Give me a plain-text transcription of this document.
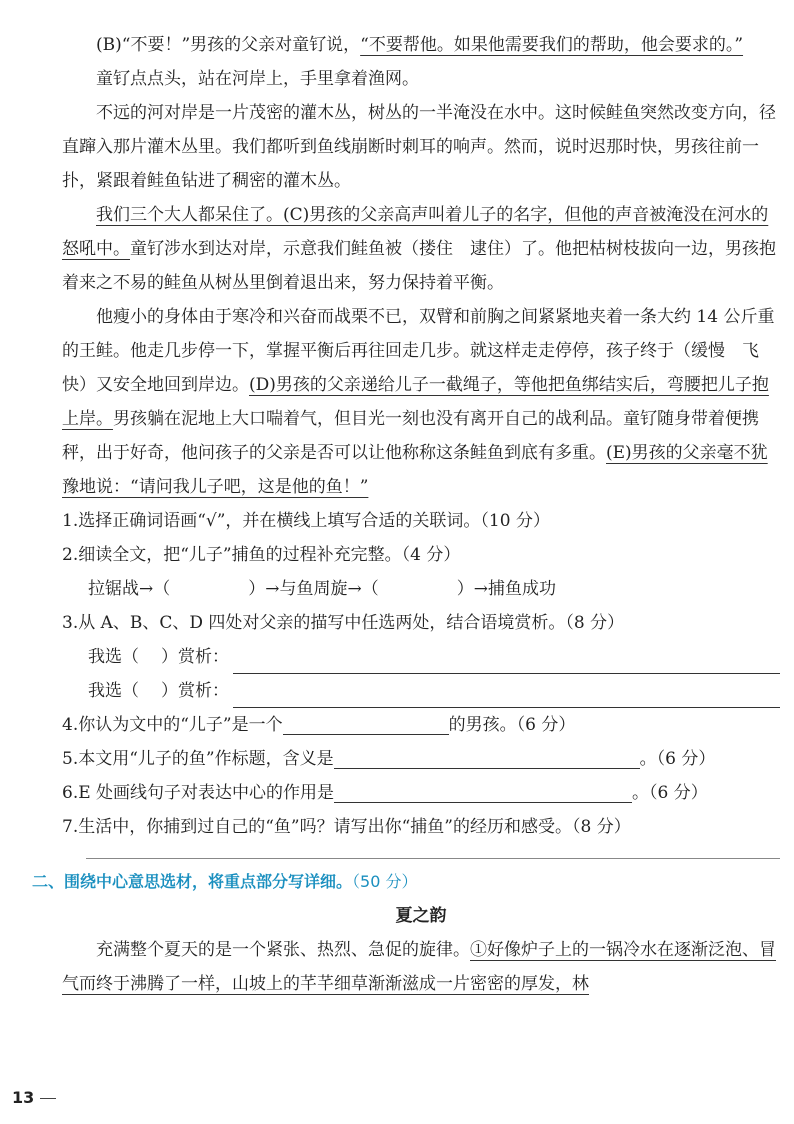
(B)“不要！”男孩的父亲对童钌说，“不要帮他。如果他需要我们的帮助，他会要求的。”

童钌点点头，站在河岸上，手里拿着渔网。

不远的河对岸是一片茂密的灌木丛，树丛的一半淹没在水中。这时候鲑鱼突然改变方向，径直蹿入那片灌木丛里。我们都听到鱼线崩断时刺耳的响声。然而，说时迟那时快，男孩往前一扑，紧跟着鲑鱼钻进了稠密的灌木丛。

我们三个大人都呆住了。(C)男孩的父亲高声叫着儿子的名字，但他的声音被淹没在河水的怒吼中。童钌涉水到达对岸，示意我们鲑鱼被（搂住　逮住）了。他把枯树枝拔向一边，男孩抱着来之不易的鲑鱼从树丛里倒着退出来，努力保持着平衡。

他瘦小的身体由于寒冷和兴奋而战栗不已，双臂和前胸之间紧紧地夹着一条大约 14 公斤重的王鲑。他走几步停一下，掌握平衡后再往回走几步。就这样走走停停，孩子终于（缓慢　飞快）又安全地回到岸边。(D)男孩的父亲递给儿子一截绳子，等他把鱼绑结实后，弯腰把儿子抱上岸。男孩躺在泥地上大口喘着气，但目光一刻也没有离开自己的战利品。童钌随身带着便携秤，出于好奇，他问孩子的父亲是否可以让他称称这条鲑鱼到底有多重。(E)男孩的父亲毫不犹豫地说：“请问我儿子吧，这是他的鱼！”

1.选择正确词语画“√”，并在横线上填写合适的关联词。（10 分）

2.细读全文，把“儿子”捕鱼的过程补充完整。（4 分）

拉锯战→（	）→与鱼周旋→（	）→捕鱼成功

3.从 A、B、C、D 四处对父亲的描写中任选两处，结合语境赏析。（8 分）

我选（ ）赏析：
我选（ ）赏析：

4.你认为文中的“儿子”是一个	的男孩。（6 分）

5.本文用“儿子的鱼”作标题，含义是	。（6 分）

6.E 处画线句子对表达中心的作用是	。（6 分）

7.生活中，你捕到过自己的“鱼”吗？请写出你“捕鱼”的经历和感受。（8 分）

二、围绕中心意思选材，将重点部分写详细。（50 分）

夏之韵

充满整个夏天的是一个紧张、热烈、急促的旋律。①好像炉子上的一锅冷水在逐渐泛泡、冒气而终于沸腾了一样，山坡上的芊芊细草渐渐滋成一片密密的厚发，林

13
